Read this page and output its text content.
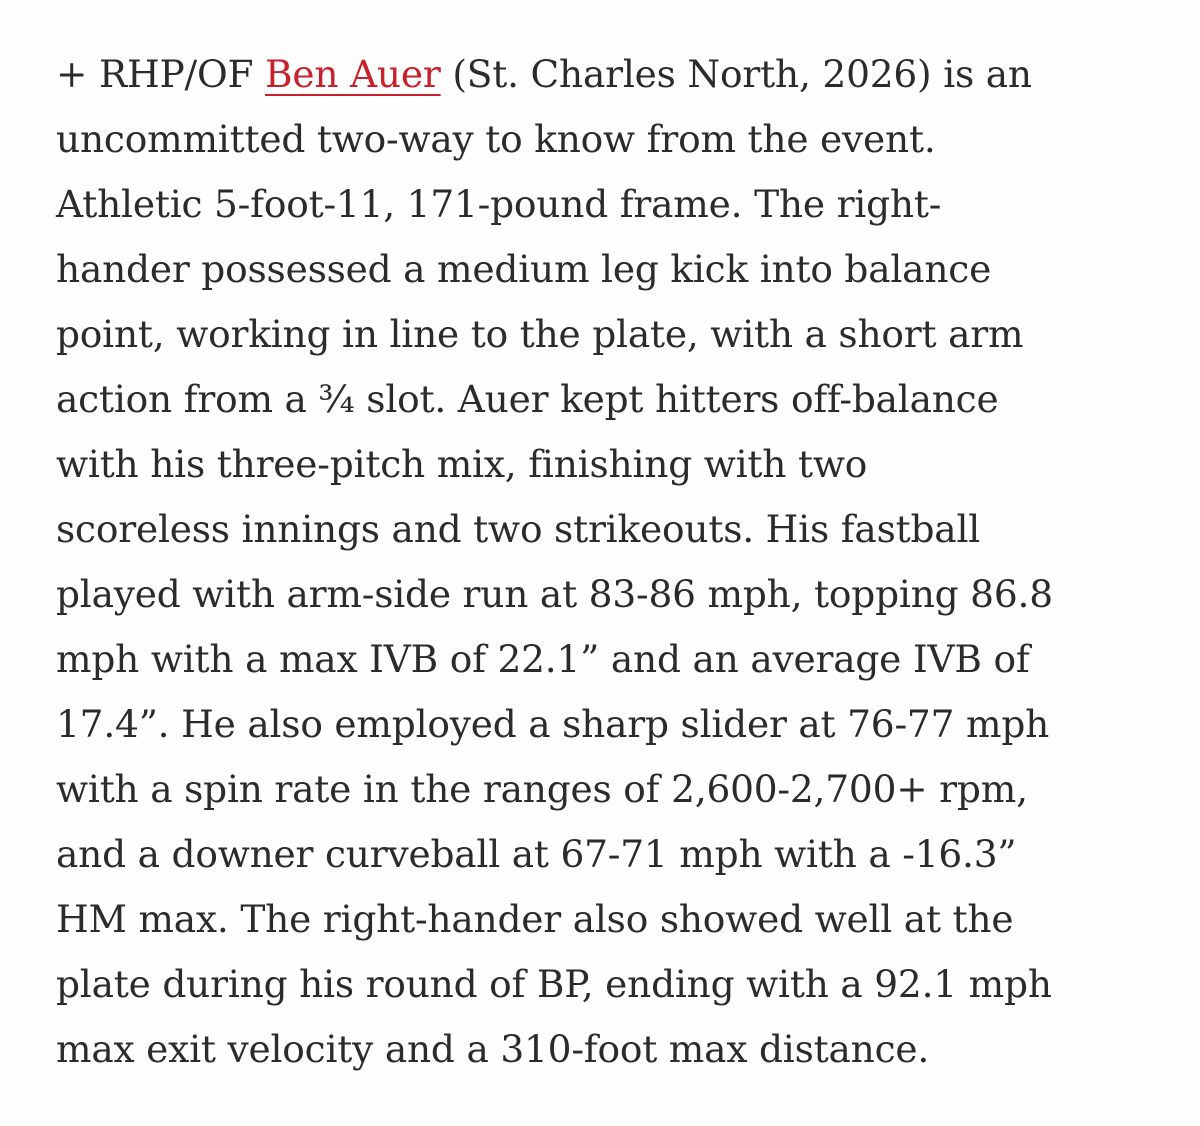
+ RHP/OF Ben Auer (St. Charles North, 2026) is an
uncommitted two-way to know from the event.
Athletic 5-foot-11, 171-pound frame. The right-
hander possessed a medium leg kick into balance
point, working in line to the plate, with a short arm
action from a ¾ slot. Auer kept hitters off-balance
with his three-pitch mix, finishing with two
scoreless innings and two strikeouts. His fastball
played with arm-side run at 83-86 mph, topping 86.8
mph with a max IVB of 22.1” and an average IVB of
17.4”. He also employed a sharp slider at 76-77 mph
with a spin rate in the ranges of 2,600-2,700+ rpm,
and a downer curveball at 67-71 mph with a -16.3”
HM max. The right-hander also showed well at the
plate during his round of BP, ending with a 92.1 mph
max exit velocity and a 310-foot max distance.
